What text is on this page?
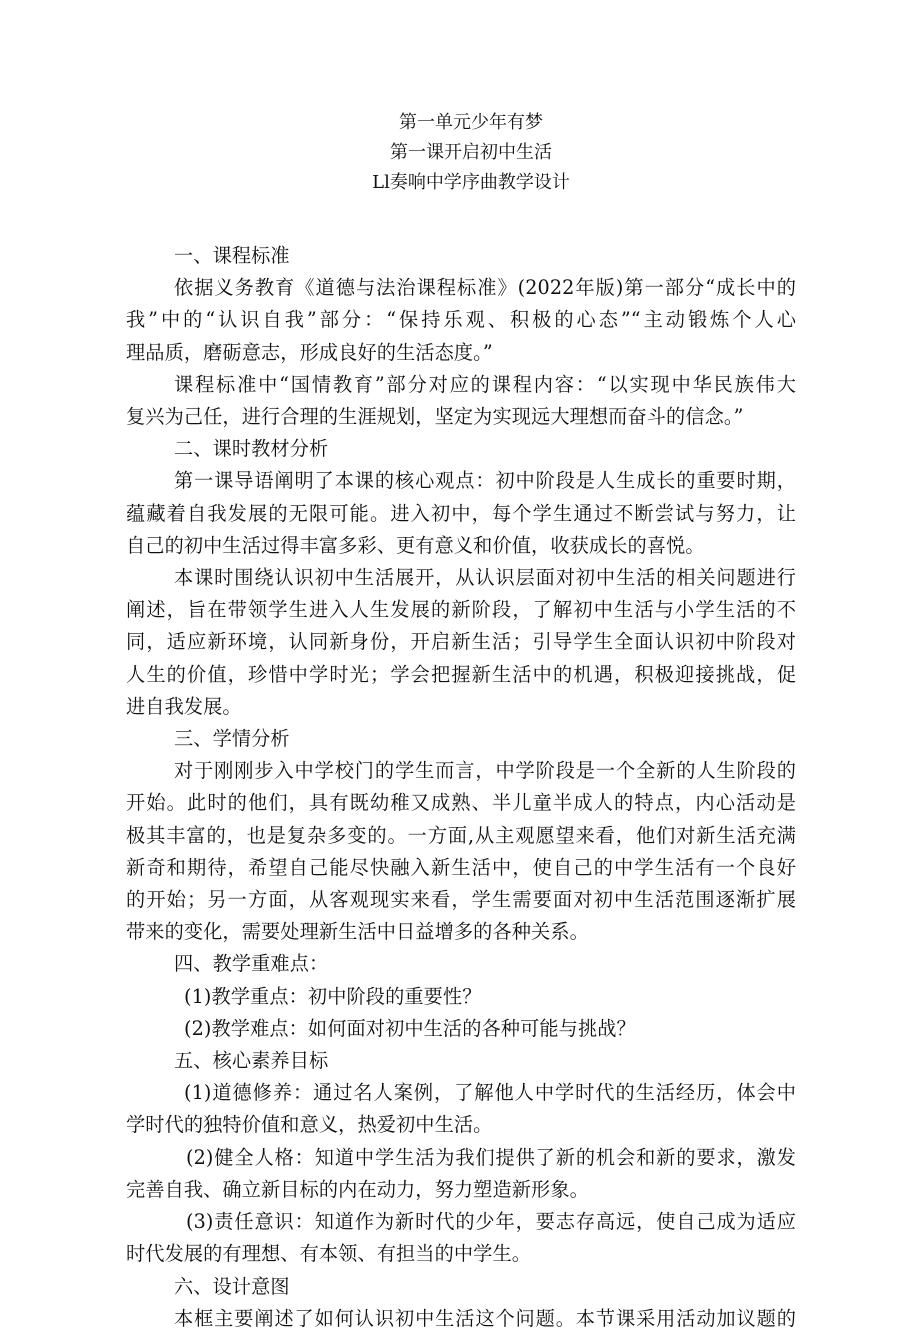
第一单元少年有梦
第一课开启初中生活
Ll奏响中学序曲教学设计
一、课程标准
依据义务教育《道德与法治课程标准》(2022年版)第一部分“成长中的
我”中的“认识自我”部分：“保持乐观、积极的心态”“主动锻炼个人心
理品质，磨砺意志，形成良好的生活态度。”
课程标准中“国情教育”部分对应的课程内容：“以实现中华民族伟大
复兴为己任，进行合理的生涯规划，坚定为实现远大理想而奋斗的信念。”
二、课时教材分析
第一课导语阐明了本课的核心观点：初中阶段是人生成长的重要时期，
蕴藏着自我发展的无限可能。进入初中，每个学生通过不断尝试与努力，让
自己的初中生活过得丰富多彩、更有意义和价值，收获成长的喜悦。
本课时围绕认识初中生活展开，从认识层面对初中生活的相关问题进行
阐述，旨在带领学生进入人生发展的新阶段，了解初中生活与小学生活的不
同，适应新环境，认同新身份，开启新生活；引导学生全面认识初中阶段对
人生的价值，珍惜中学时光；学会把握新生活中的机遇，积极迎接挑战，促
进自我发展。
三、学情分析
对于刚刚步入中学校门的学生而言，中学阶段是一个全新的人生阶段的
开始。此时的他们，具有既幼稚又成熟、半儿童半成人的特点，内心活动是
极其丰富的，也是复杂多变的。一方面,从主观愿望来看，他们对新生活充满
新奇和期待，希望自己能尽快融入新生活中，使自己的中学生活有一个良好
的开始；另一方面，从客观现实来看，学生需要面对初中生活范围逐渐扩展
带来的变化，需要处理新生活中日益增多的各种关系。
四、教学重难点：
(1)教学重点：初中阶段的重要性？
(2)教学难点：如何面对初中生活的各种可能与挑战？
五、核心素养目标
(1)道德修养：通过名人案例，了解他人中学时代的生活经历，体会中
学时代的独特价值和意义，热爱初中生活。
(2)健全人格：知道中学生活为我们提供了新的机会和新的要求，激发
完善自我、确立新目标的内在动力，努力塑造新形象。
(3)责任意识：知道作为新时代的少年，要志存高远，使自己成为适应
时代发展的有理想、有本领、有担当的中学生。
六、设计意图
本框主要阐述了如何认识初中生活这个问题。本节课采用活动加议题的
